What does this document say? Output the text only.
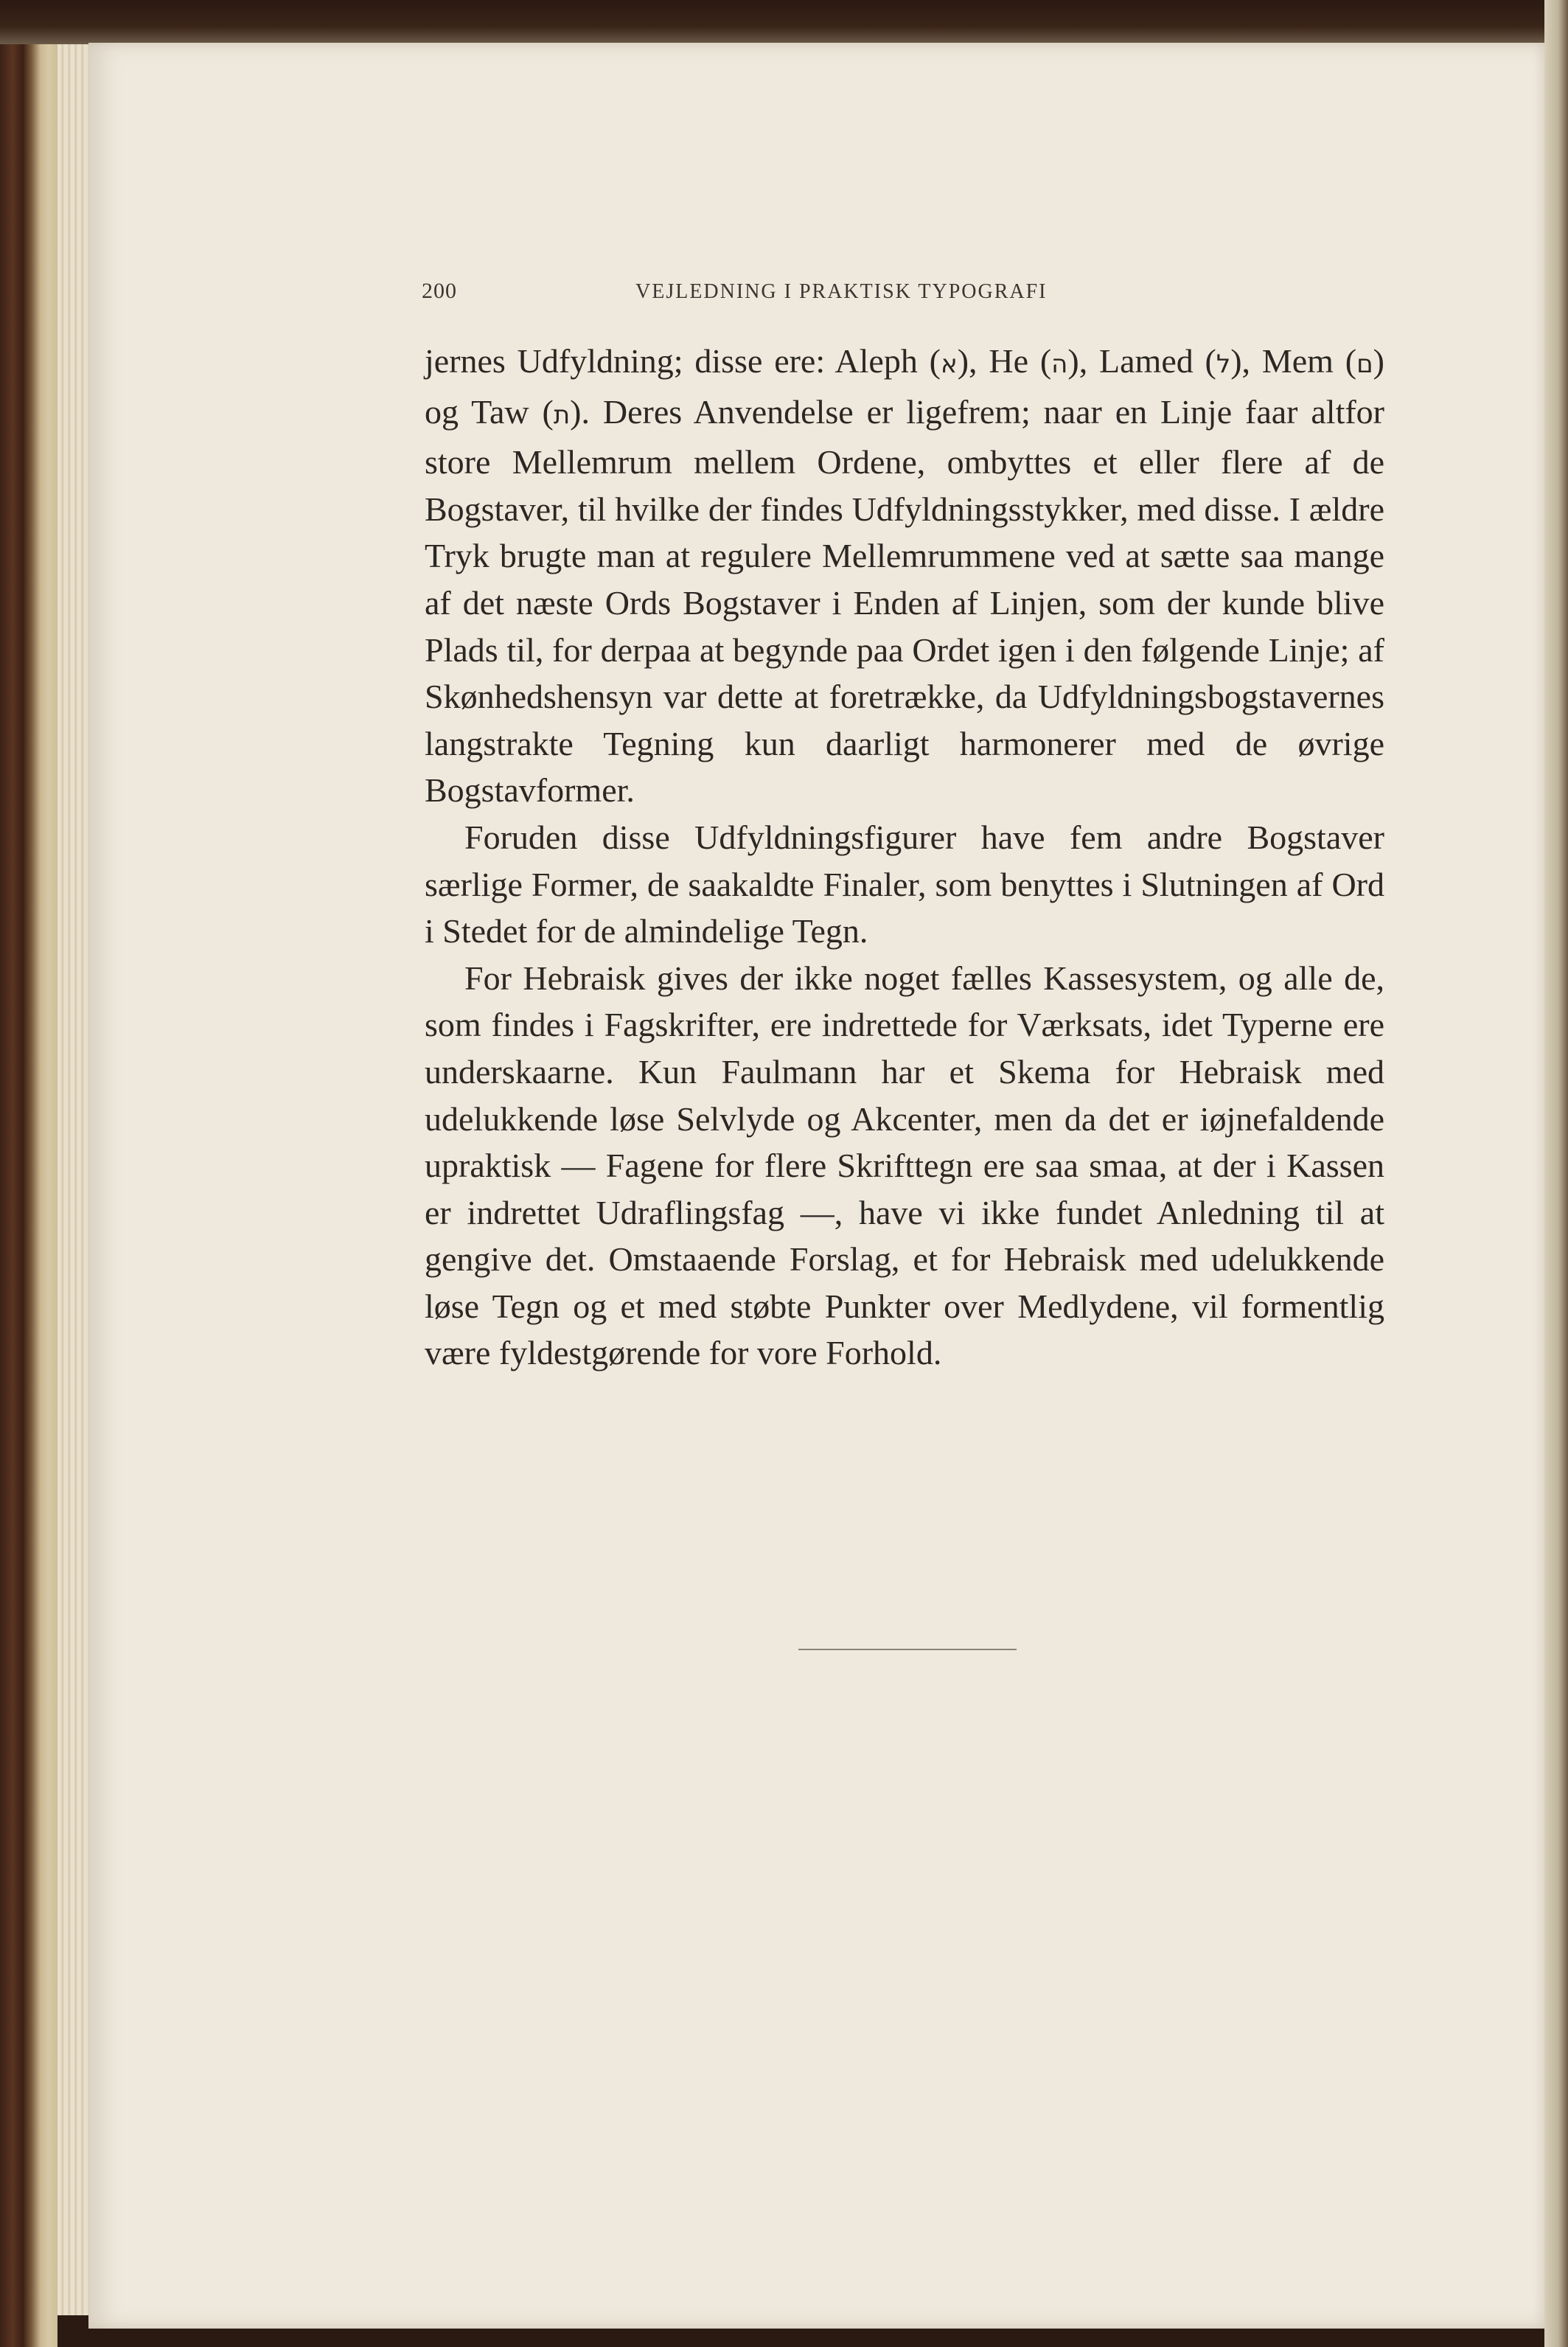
200	VEJLEDNING I PRAKTISK TYPOGRAFI

jernes Udfyldning; disse ere: Aleph (א), He (ה), Lamed (ל), Mem (ם) og Taw (ת). Deres Anvendelse er ligefrem; naar en Linje faar altfor store Mellemrum mellem Ordene, ombyttes et eller flere af de Bogstaver, til hvilke der findes Udfyldningsstykker, med disse. I ældre Tryk brugte man at regulere Mellemrummene ved at sætte saa mange af det næste Ords Bogstaver i Enden af Linjen, som der kunde blive Plads til, for derpaa at begynde paa Ordet igen i den følgende Linje; af Skønhedshensyn var dette at foretrække, da Udfyldningsbogstavernes langstrakte Tegning kun daarligt harmonerer med de øvrige Bogstavformer.

Foruden disse Udfyldningsfigurer have fem andre Bogstaver særlige Former, de saakaldte Finaler, som benyttes i Slutningen af Ord i Stedet for de almindelige Tegn.

For Hebraisk gives der ikke noget fælles Kassesystem, og alle de, som findes i Fagskrifter, ere indrettede for Værksats, idet Typerne ere underskaarne. Kun Faulmann har et Skema for Hebraisk med udelukkende løse Selvlyde og Akcenter, men da det er iøjnefaldende upraktisk — Fagene for flere Skrifttegn ere saa smaa, at der i Kassen er indrettet Udraflingsfag —, have vi ikke fundet Anledning til at gengive det. Omstaaende Forslag, et for Hebraisk med udelukkende løse Tegn og et med støbte Punkter over Medlydene, vil formentlig være fyldestgørende for vore Forhold.
